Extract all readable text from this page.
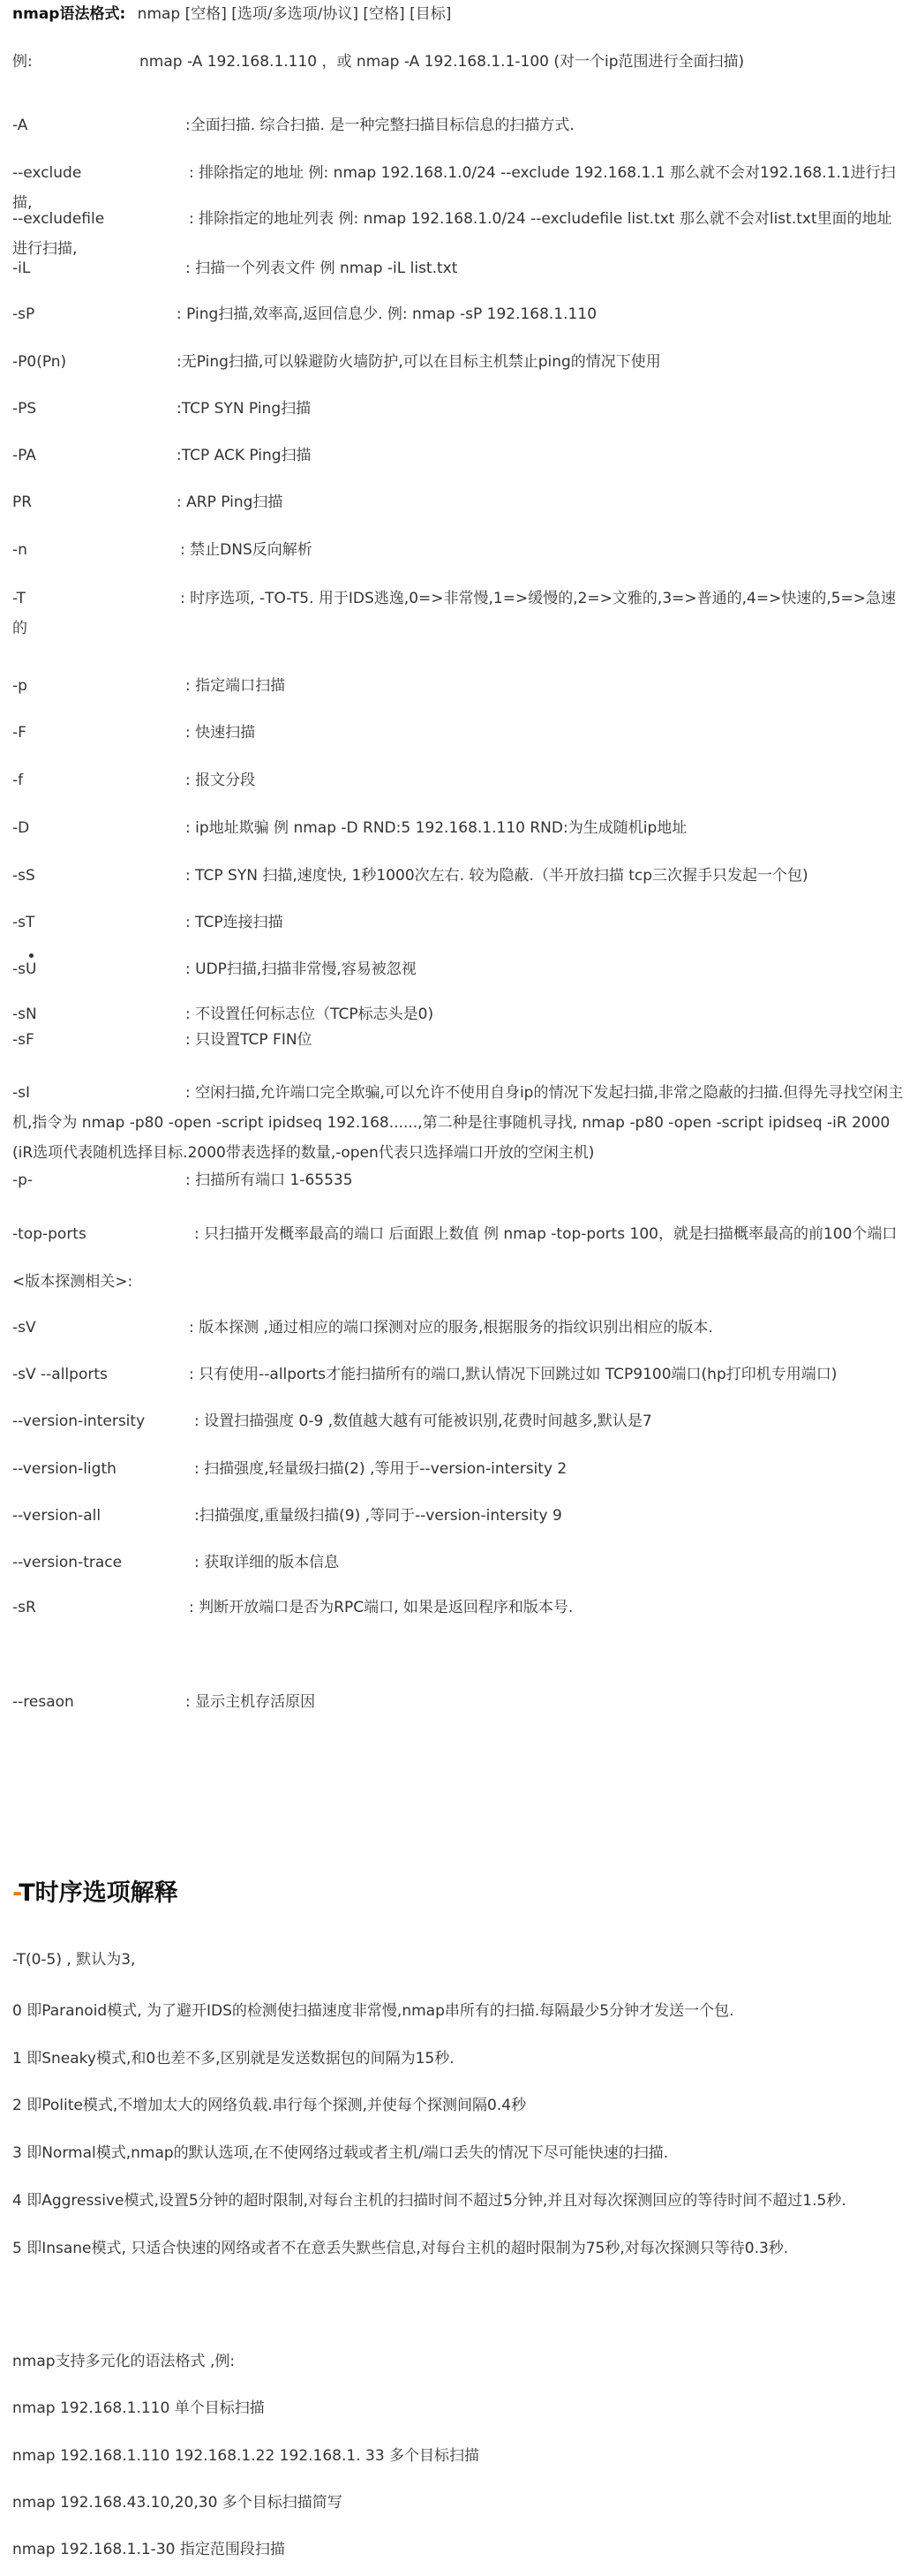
nmap语法格式: nmap [空格] [选项/多选项/协议] [空格] [目标]
例:	nmap -A 192.168.1.110 ，或 nmap -A 192.168.1.1-100 (对一个ip范围进行全面扫描)
-A	:全面扫描. 综合扫描. 是一种完整扫描目标信息的扫描方式.
--exclude	: 排除指定的地址 例: nmap 192.168.1.0/24 --exclude 192.168.1.1 那么就不会对192.168.1.1进行扫描,
--excludefile	: 排除指定的地址列表 例: nmap 192.168.1.0/24 --excludefile list.txt 那么就不会对list.txt里面的地址进行扫描,
-iL	: 扫描一个列表文件 例 nmap -iL list.txt
-sP	: Ping扫描,效率高,返回信息少. 例: nmap -sP 192.168.1.110
-P0(Pn)	:无Ping扫描,可以躲避防火墙防护,可以在目标主机禁止ping的情况下使用
-PS	:TCP SYN Ping扫描
-PA	:TCP ACK Ping扫描
PR	: ARP Ping扫描
-n	: 禁止DNS反向解析
-T	: 时序选项, -TO-T5. 用于IDS逃逸,0=>非常慢,1=>缓慢的,2=>文雅的,3=>普通的,4=>快速的,5=>急速的
-p	: 指定端口扫描
-F	: 快速扫描
-f	: 报文分段
-D	: ip地址欺骗 例 nmap -D RND:5 192.168.1.110 RND:为生成随机ip地址
-sS	: TCP SYN 扫描,速度快, 1秒1000次左右. 较为隐蔽.（半开放扫描 tcp三次握手只发起一个包)
-sT	: TCP连接扫描
-sU	: UDP扫描,扫描非常慢,容易被忽视
-sN	: 不设置任何标志位（TCP标志头是0)
-sF	: 只设置TCP FIN位
-sI	: 空闲扫描,允许端口完全欺骗,可以允许不使用自身ip的情况下发起扫描,非常之隐蔽的扫描.但得先寻找空闲主机,指令为 nmap -p80 -open -script ipidseq 192.168......,第二种是往事随机寻找, nmap -p80 -open -script ipidseq -iR 2000 (iR选项代表随机选择目标.2000带表选择的数量,-open代表只选择端口开放的空闲主机)
-p-	: 扫描所有端口 1-65535
-top-ports	: 只扫描开发概率最高的端口 后面跟上数值 例 nmap -top-ports 100，就是扫描概率最高的前100个端口
<版本探测相关>:
-sV	: 版本探测 ,通过相应的端口探测对应的服务,根据服务的指纹识别出相应的版本.
-sV --allports	: 只有使用--allports才能扫描所有的端口,默认情况下回跳过如 TCP9100端口(hp打印机专用端口)
--version-intersity	: 设置扫描强度 0-9 ,数值越大越有可能被识别,花费时间越多,默认是7
--version-ligth	: 扫描强度,轻量级扫描(2) ,等用于--version-intersity 2
--version-all	:扫描强度,重量级扫描(9) ,等同于--version-intersity 9
--version-trace	: 获取详细的版本信息
-sR	: 判断开放端口是否为RPC端口, 如果是返回程序和版本号.
--resaon	: 显示主机存活原因
-T时序选项解释
-T(0-5) , 默认为3,
0 即Paranoid模式, 为了避开IDS的检测使扫描速度非常慢,nmap串所有的扫描.每隔最少5分钟才发送一个包.
1 即Sneaky模式,和0也差不多,区别就是发送数据包的间隔为15秒.
2 即Polite模式,不增加太大的网络负载.串行每个探测,并使每个探测间隔0.4秒
3 即Normal模式,nmap的默认选项,在不使网络过载或者主机/端口丢失的情况下尽可能快速的扫描.
4 即Aggressive模式,设置5分钟的超时限制,对每台主机的扫描时间不超过5分钟,并且对每次探测回应的等待时间不超过1.5秒.
5 即Insane模式, 只适合快速的网络或者不在意丢失默些信息,对每台主机的超时限制为75秒,对每次探测只等待0.3秒.
nmap支持多元化的语法格式 ,例:
nmap 192.168.1.110 单个目标扫描
nmap 192.168.1.110 192.168.1.22 192.168.1. 33 多个目标扫描
nmap 192.168.43.10,20,30 多个目标扫描简写
nmap 192.168.1.1-30 指定范围段扫描
